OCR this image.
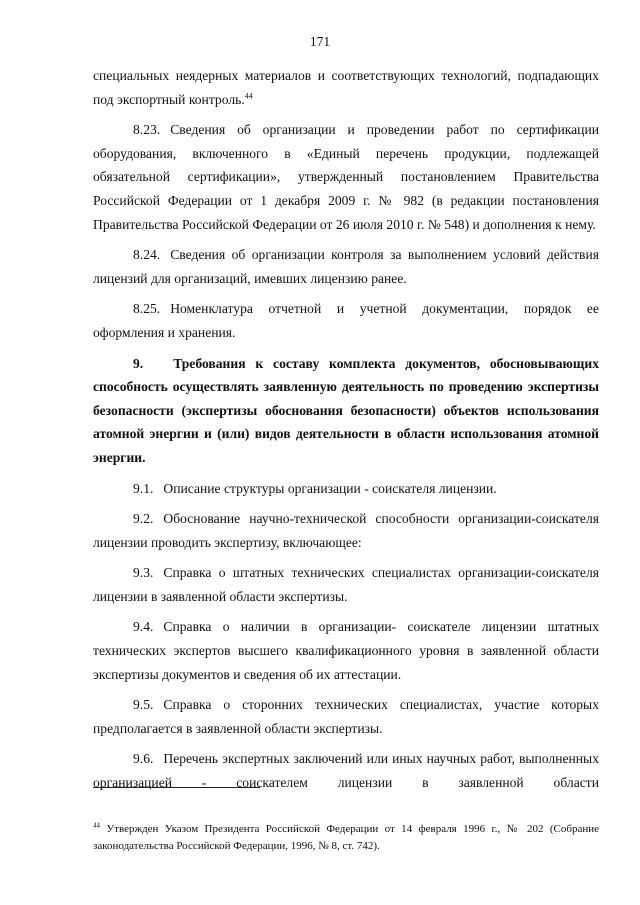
171

специальных неядерных материалов и соответствующих технологий, подпадающих под экспортный контроль.$^{44}$

8.23. Сведения об организации и проведении работ по сертификации оборудования, включенного в «Единый перечень продукции, подлежащей обязательной сертификации», утвержденный постановлением Правительства Российской Федерации от 1 декабря 2009 г. № 982 (в редакции постановления Правительства Российской Федерации от 26 июля 2010 г. № 548) и дополнения к нему.

8.24. Сведения об организации контроля за выполнением условий действия лицензий для организаций, имевших лицензию ранее.

8.25. Номенклатура отчетной и учетной документации, порядок ее оформления и хранения.

9. Требования к составу комплекта документов, обосновывающих способность осуществлять заявленную деятельность по проведению экспертизы безопасности (экспертизы обоснования безопасности) объектов использования атомной энергии и (или) видов деятельности в области использования атомной энергии.

9.1. Описание структуры организации - соискателя лицензии.

9.2. Обоснование научно-технической способности организации-соискателя лицензии проводить экспертизу, включающее:

9.3. Справка о штатных технических специалистах организации-соискателя лицензии в заявленной области экспертизы.

9.4. Справка о наличии в организации- соискателе лицензии штатных технических экспертов высшего квалификационного уровня в заявленной области экспертизы документов и сведения об их аттестации.

9.5. Справка о сторонних технических специалистах, участие которых предполагается в заявленной области экспертизы.

9.6. Перечень экспертных заключений или иных научных работ, выполненных организацией - соискателем лицензии в заявленной области

$^{44}$ Утвержден Указом Президента Российской Федерации от 14 февраля 1996 г., № 202 (Собрание законодательства Российской Федерации, 1996, № 8, ст. 742).
